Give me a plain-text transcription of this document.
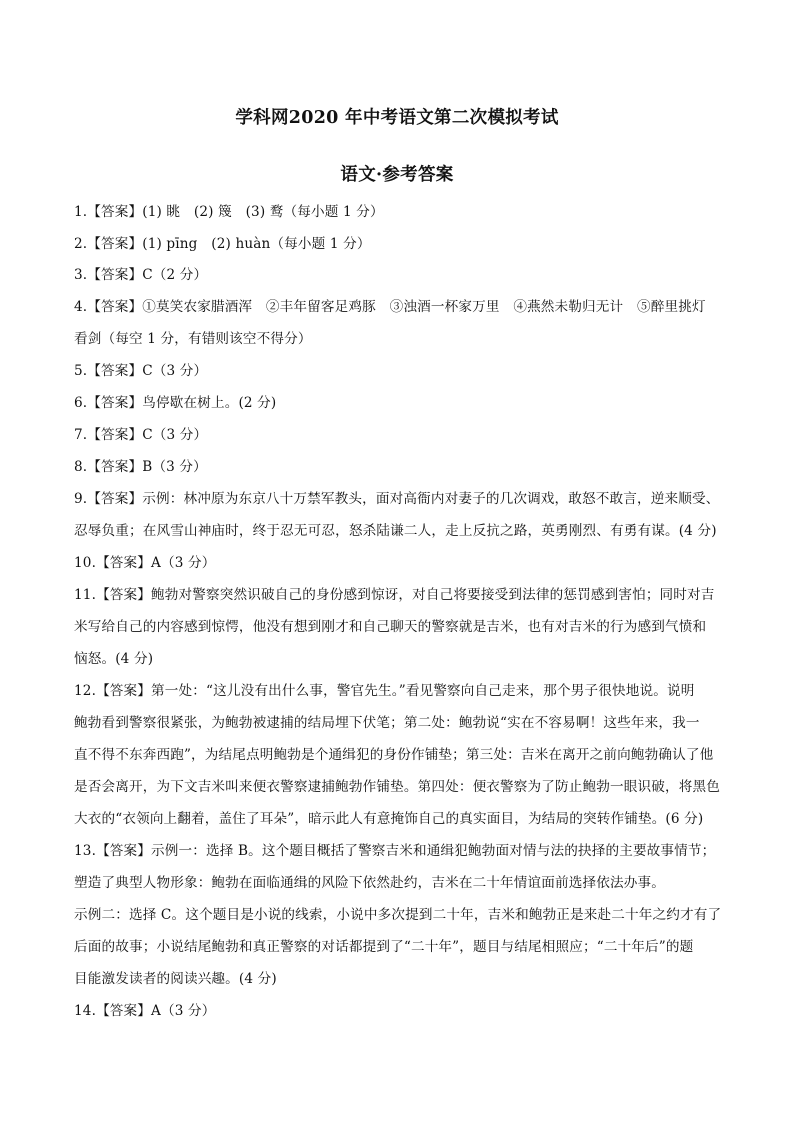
学科网2020 年中考语文第二次模拟考试
语文·参考答案
1.【答案】(1) 眺　(2) 篾　(3) 鹜（每小题 1 分）
2.【答案】(1) pīng　(2) huàn（每小题 1 分）
3.【答案】C（2 分）
4.【答案】①莫笑农家腊酒浑　②丰年留客足鸡豚　③浊酒一杯家万里　④燕然未勒归无计　⑤醉里挑灯
看剑（每空 1 分，有错则该空不得分）
5.【答案】C（3 分）
6.【答案】鸟停歇在树上。(2 分)
7.【答案】C（3 分）
8.【答案】B（3 分）
9.【答案】示例：林冲原为东京八十万禁军教头，面对高衙内对妻子的几次调戏，敢怒不敢言，逆来顺受、
忍辱负重；在风雪山神庙时，终于忍无可忍，怒杀陆谦二人，走上反抗之路，英勇刚烈、有勇有谋。(4 分)
10.【答案】A（3 分）
11.【答案】鲍勃对警察突然识破自己的身份感到惊讶，对自己将要接受到法律的惩罚感到害怕；同时对吉
米写给自己的内容感到惊愕，他没有想到刚才和自己聊天的警察就是吉米，也有对吉米的行为感到气愤和
恼怒。(4 分)
12.【答案】第一处：“这儿没有出什么事，警官先生。”看见警察向自己走来，那个男子很快地说。说明
鲍勃看到警察很紧张，为鲍勃被逮捕的结局埋下伏笔；第二处：鲍勃说“实在不容易啊！这些年来，我一
直不得不东奔西跑”，为结尾点明鲍勃是个通缉犯的身份作铺垫；第三处：吉米在离开之前向鲍勃确认了他
是否会离开，为下文吉米叫来便衣警察逮捕鲍勃作铺垫。第四处：便衣警察为了防止鲍勃一眼识破，将黑色
大衣的“衣领向上翻着，盖住了耳朵”，暗示此人有意掩饰自己的真实面目，为结局的突转作铺垫。(6 分)
13.【答案】示例一：选择 B。这个题目概括了警察吉米和通缉犯鲍勃面对情与法的抉择的主要故事情节；
塑造了典型人物形象：鲍勃在面临通缉的风险下依然赴约，吉米在二十年情谊面前选择依法办事。
示例二：选择 C。这个题目是小说的线索，小说中多次提到二十年，吉米和鲍勃正是来赴二十年之约才有了
后面的故事；小说结尾鲍勃和真正警察的对话都提到了“二十年”，题目与结尾相照应；“二十年后”的题
目能激发读者的阅读兴趣。(4 分)
14.【答案】A（3 分）
